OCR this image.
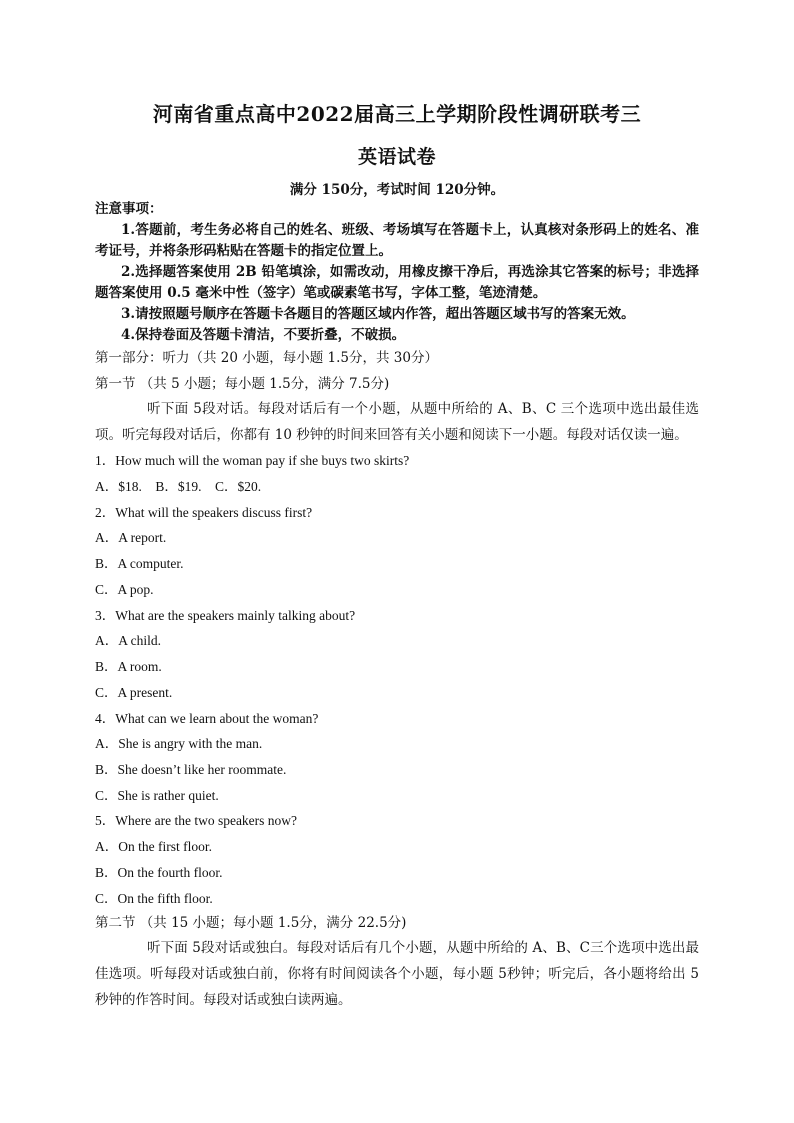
河南省重点高中2022届高三上学期阶段性调研联考三
英语试卷
满分 150分，考试时间 120分钟。
注意事项：
1.答题前，考生务必将自己的姓名、班级、考场填写在答题卡上，认真核对条形码上的姓名、准考证号，并将条形码粘贴在答题卡的指定位置上。
2.选择题答案使用 2B 铅笔填涂，如需改动，用橡皮擦干净后，再选涂其它答案的标号；非选择题答案使用 0.5 毫米中性（签字）笔或碳素笔书写，字体工整，笔迹清楚。
3.请按照题号顺序在答题卡各题目的答题区域内作答，超出答题区域书写的答案无效。
4.保持卷面及答题卡清洁，不要折叠，不破损。
第一部分：听力（共 20 小题，每小题 1.5分，共 30分）
第一节 （共 5 小题；每小题 1.5分，满分 7.5分)
听下面 5段对话。每段对话后有一个小题，从题中所给的 A、B、C 三个选项中选出最佳选项。听完每段对话后，你都有 10 秒钟的时间来回答有关小题和阅读下一小题。每段对话仅读一遍。
1．How much will the woman pay if she buys two skirts?
A．$18.    B．$19.    C．$20.
2．What will the speakers discuss first?
A．A report.
B．A computer.
C．A pop.
3．What are the speakers mainly talking about?
A．A child.
B．A room.
C．A present.
4．What can we learn about the woman?
A．She is angry with the man.
B．She doesn’t like her roommate.
C．She is rather quiet.
5．Where are the two speakers now?
A．On the first floor.
B．On the fourth floor.
C．On the fifth floor.
第二节 （共 15 小题；每小题 1.5分，满分 22.5分)
听下面 5段对话或独白。每段对话后有几个小题，从题中所给的 A、B、C三个选项中选出最佳选项。听每段对话或独白前，你将有时间阅读各个小题，每小题 5秒钟；听完后，各小题将给出 5秒钟的作答时间。每段对话或独白读两遍。
